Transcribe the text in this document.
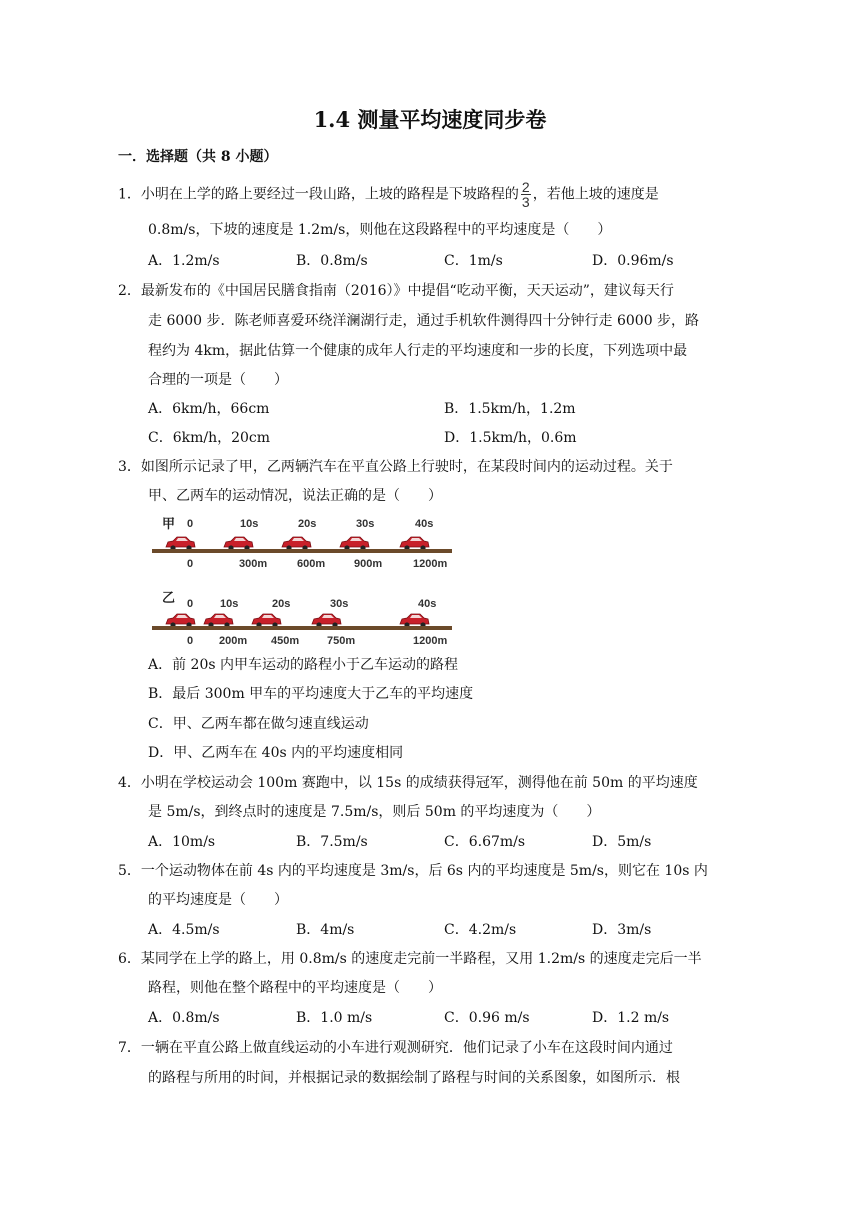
1.4 测量平均速度同步卷
一．选择题（共 8 小题）
1．小明在上学的路上要经过一段山路，上坡的路程是下坡路程的 $\frac{2}{3}$ ，若他上坡的速度是
0.8m/s，下坡的速度是 1.2m/s，则他在这段路程中的平均速度是（　　）
A．1.2m/s	B．0.8m/s	C．1m/s	D．0.96m/s
2．最新发布的《中国居民膳食指南（2016）》中提倡“吃动平衡，天天运动”，建议每天行
走 6000 步．陈老师喜爱环绕洋澜湖行走，通过手机软件测得四十分钟行走 6000 步，路
程约为 4km，据此估算一个健康的成年人行走的平均速度和一步的长度，下列选项中最
合理的一项是（　　）
A．6km/h，66cm	B．1.5km/h，1.2m
C．6km/h，20cm	D．1.5km/h，0.6m
3．如图所示记录了甲，乙两辆汽车在平直公路上行驶时，在某段时间内的运动过程。关于
甲、乙两车的运动情况，说法正确的是（　　）
甲 0	10s	20s	30s	40s
0	300m	600m	900m	1200m
乙 0 10s	20s	30s	40s
0 200m 450m	750m	1200m
A．前 20s 内甲车运动的路程小于乙车运动的路程
B．最后 300m 甲车的平均速度大于乙车的平均速度
C．甲、乙两车都在做匀速直线运动
D．甲、乙两车在 40s 内的平均速度相同
4．小明在学校运动会 100m 赛跑中，以 15s 的成绩获得冠军，测得他在前 50m 的平均速度
是 5m/s，到终点时的速度是 7.5m/s，则后 50m 的平均速度为（　　）
A．10m/s	B．7.5m/s	C．6.67m/s	D．5m/s
5．一个运动物体在前 4s 内的平均速度是 3m/s，后 6s 内的平均速度是 5m/s，则它在 10s 内
的平均速度是（　　）
A．4.5m/s	B．4m/s	C．4.2m/s	D．3m/s
6．某同学在上学的路上，用 0.8m/s 的速度走完前一半路程，又用 1.2m/s 的速度走完后一半
路程，则他在整个路程中的平均速度是（　　）
A．0.8m/s	B．1.0 m/s	C．0.96 m/s	D．1.2 m/s
7．一辆在平直公路上做直线运动的小车进行观测研究．他们记录了小车在这段时间内通过
的路程与所用的时间，并根据记录的数据绘制了路程与时间的关系图象，如图所示．根
